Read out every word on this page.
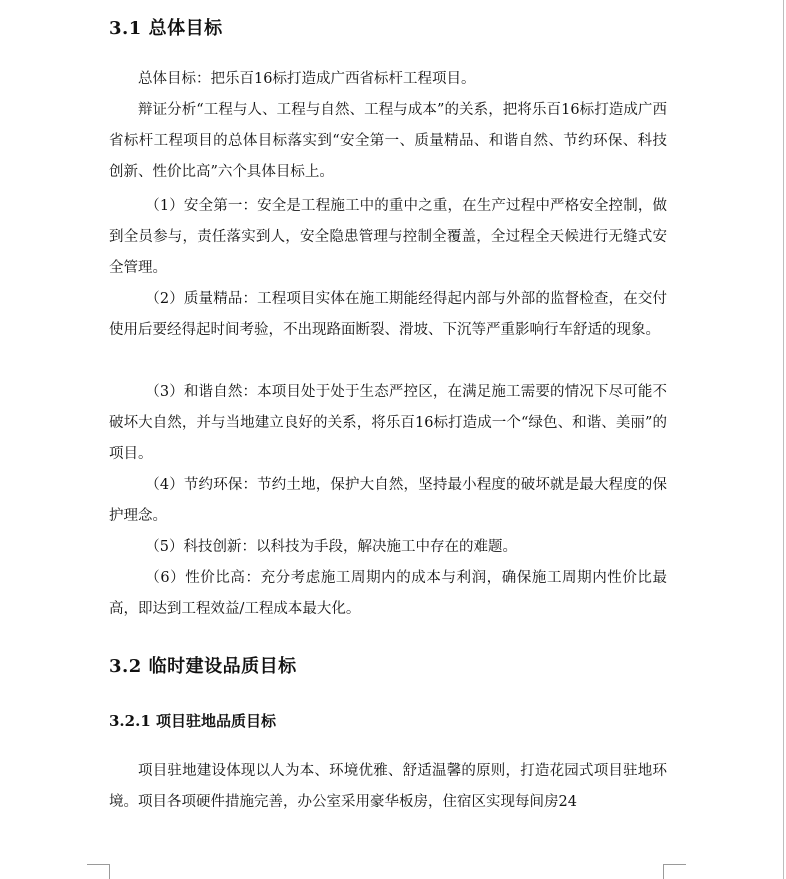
3.1 总体目标

总体目标：把乐百16标打造成广西省标杆工程项目。

辩证分析“工程与人、工程与自然、工程与成本”的关系，把将乐百16标打造成广西省标杆工程项目的总体目标落实到“安全第一、质量精品、和谐自然、节约环保、科技创新、性价比高”六个具体目标上。

（1）安全第一：安全是工程施工中的重中之重，在生产过程中严格安全控制，做到全员参与，责任落实到人，安全隐患管理与控制全覆盖，全过程全天候进行无缝式安全管理。

（2）质量精品：工程项目实体在施工期能经得起内部与外部的监督检查，在交付使用后要经得起时间考验，不出现路面断裂、滑坡、下沉等严重影响行车舒适的现象。

（3）和谐自然：本项目处于处于生态严控区，在满足施工需要的情况下尽可能不破坏大自然，并与当地建立良好的关系，将乐百16标打造成一个“绿色、和谐、美丽”的项目。

（4）节约环保：节约土地，保护大自然，坚持最小程度的破坏就是最大程度的保护理念。

（5）科技创新：以科技为手段，解决施工中存在的难题。

（6）性价比高：充分考虑施工周期内的成本与利润，确保施工周期内性价比最高，即达到工程效益/工程成本最大化。

3.2 临时建设品质目标
3.2.1 项目驻地品质目标

项目驻地建设体现以人为本、环境优雅、舒适温馨的原则，打造花园式项目驻地环境。项目各项硬件措施完善，办公室采用豪华板房，住宿区实现每间房24
